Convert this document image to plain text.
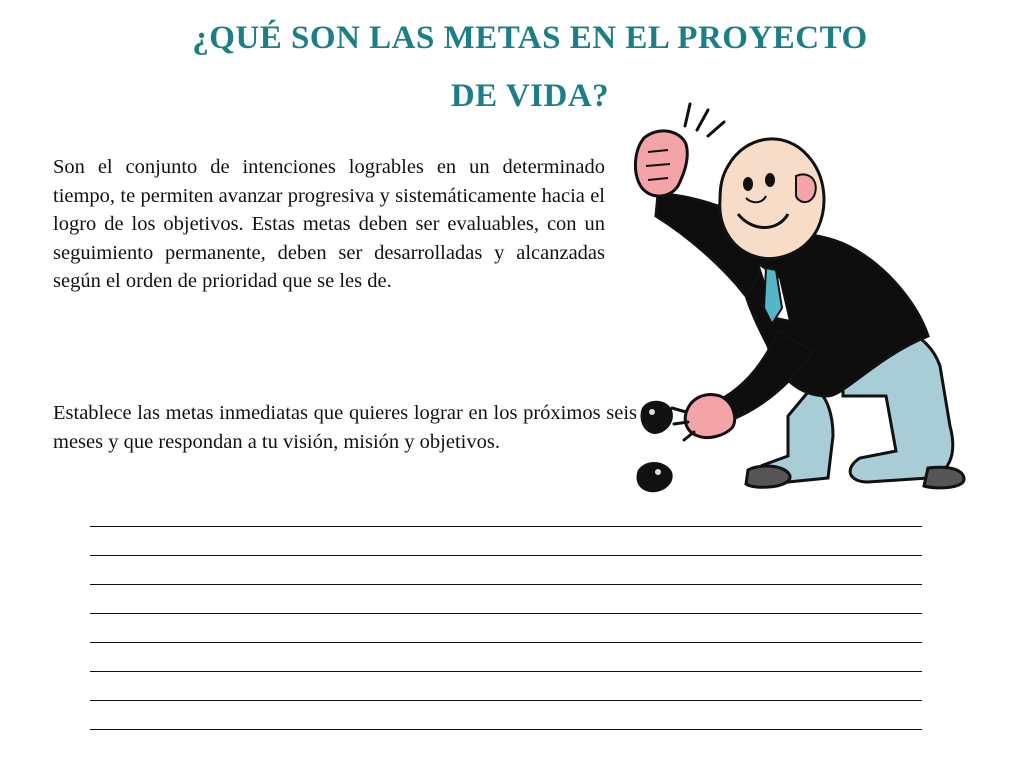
¿QUÉ SON LAS METAS EN EL PROYECTO
DE VIDA?

Son el conjunto de intenciones logrables en un determinado tiempo, te permiten avanzar progresiva y sistemáticamente hacia el logro de los objetivos. Estas metas deben ser evaluables, con un seguimiento permanente, deben ser desarrolladas y alcanzadas según el orden de prioridad que se les de.

Establece las metas inmediatas que quieres lograr en los próximos seis meses y que respondan a tu visión, misión y objetivos.
